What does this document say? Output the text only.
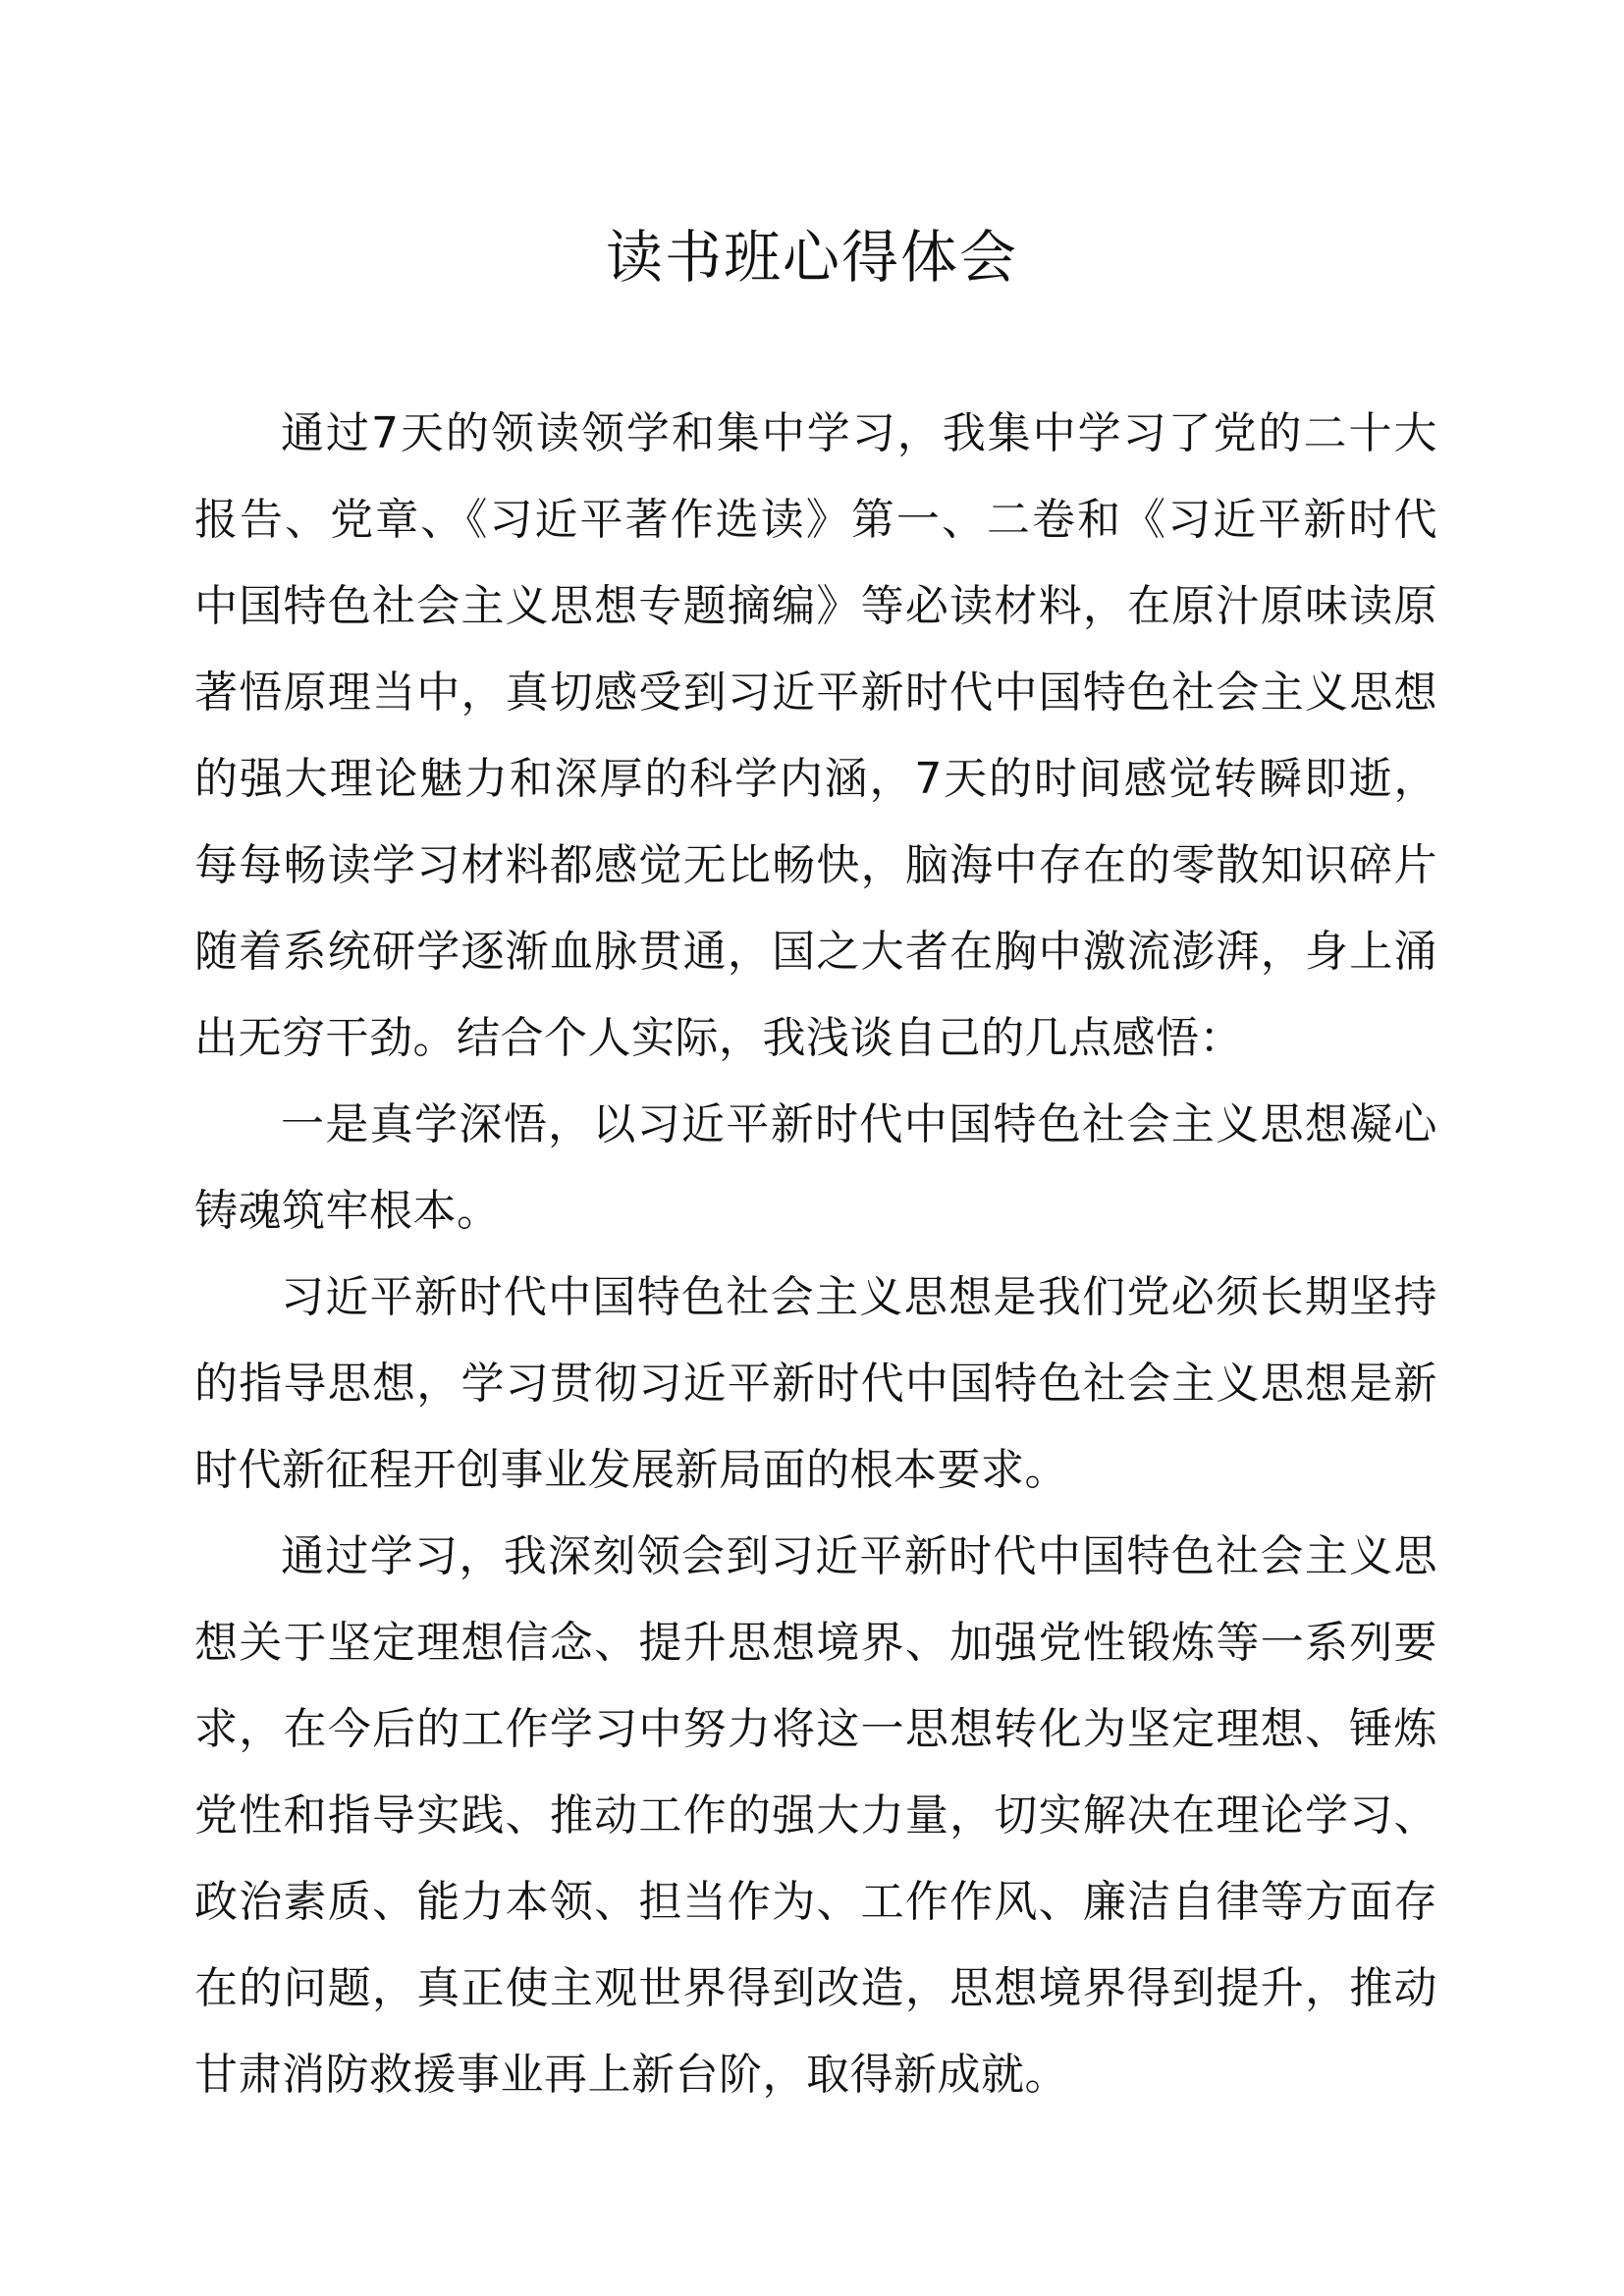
读书班心得体会

通过7天的领读领学和集中学习，我集中学习了党的二十大报告、党章、《习近平著作选读》第一、二卷和《习近平新时代中国特色社会主义思想专题摘编》等必读材料，在原汁原味读原著悟原理当中，真切感受到习近平新时代中国特色社会主义思想的强大理论魅力和深厚的科学内涵，7天的时间感觉转瞬即逝，每每畅读学习材料都感觉无比畅快，脑海中存在的零散知识碎片随着系统研学逐渐血脉贯通，国之大者在胸中激流澎湃，身上涌出无穷干劲。结合个人实际，我浅谈自己的几点感悟：

一是真学深悟，以习近平新时代中国特色社会主义思想凝心铸魂筑牢根本。

习近平新时代中国特色社会主义思想是我们党必须长期坚持的指导思想，学习贯彻习近平新时代中国特色社会主义思想是新时代新征程开创事业发展新局面的根本要求。

通过学习，我深刻领会到习近平新时代中国特色社会主义思想关于坚定理想信念、提升思想境界、加强党性锻炼等一系列要求，在今后的工作学习中努力将这一思想转化为坚定理想、锤炼党性和指导实践、推动工作的强大力量，切实解决在理论学习、政治素质、能力本领、担当作为、工作作风、廉洁自律等方面存在的问题，真正使主观世界得到改造，思想境界得到提升，推动甘肃消防救援事业再上新台阶，取得新成就。
